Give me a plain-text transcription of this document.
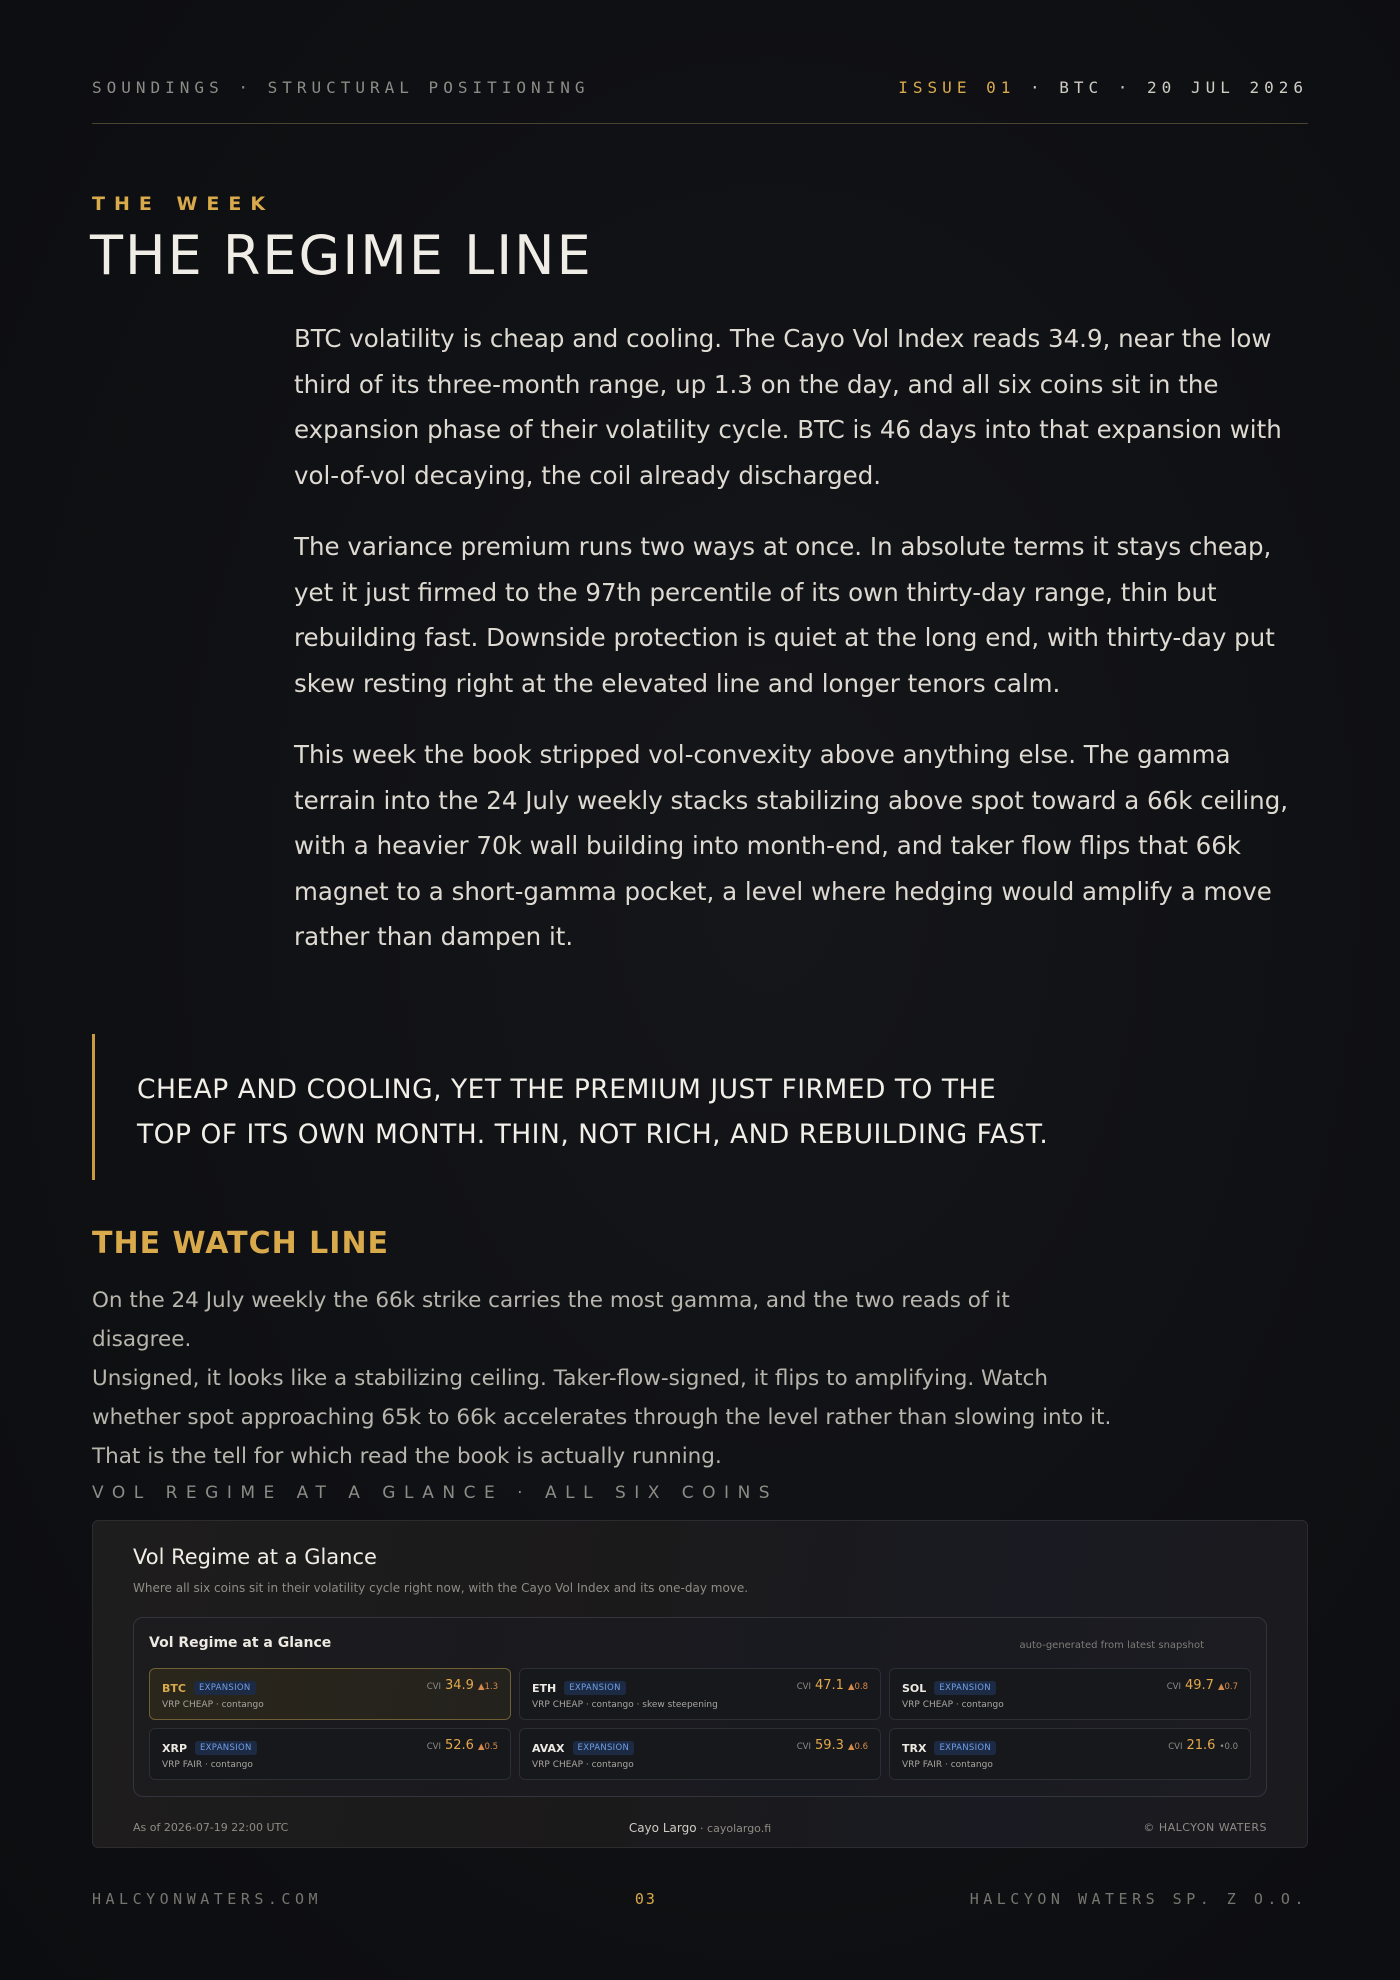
SOUNDINGS · STRUCTURAL POSITIONING	ISSUE 01 · BTC · 20 JUL 2026
THE WEEK
THE REGIME LINE

BTC volatility is cheap and cooling. The Cayo Vol Index reads 34.9, near the low third of its three-month range, up 1.3 on the day, and all six coins sit in the expansion phase of their volatility cycle. BTC is 46 days into that expansion with vol-of-vol decaying, the coil already discharged.

The variance premium runs two ways at once. In absolute terms it stays cheap, yet it just firmed to the 97th percentile of its own thirty-day range, thin but rebuilding fast. Downside protection is quiet at the long end, with thirty-day put skew resting right at the elevated line and longer tenors calm.

This week the book stripped vol-convexity above anything else. The gamma terrain into the 24 July weekly stacks stabilizing above spot toward a 66k ceiling, with a heavier 70k wall building into month-end, and taker flow flips that 66k magnet to a short-gamma pocket, a level where hedging would amplify a move rather than dampen it.

CHEAP AND COOLING, YET THE PREMIUM JUST FIRMED TO THE

TOP OF ITS OWN MONTH. THIN, NOT RICH, AND REBUILDING FAST.

THE WATCH LINE

On the 24 July weekly the 66k strike carries the most gamma, and the two reads of it disagree.

Unsigned, it looks like a stabilizing ceiling. Taker-flow-signed, it flips to amplifying. Watch

whether spot approaching 65k to 66k accelerates through the level rather than slowing into it.

That is the tell for which read the book is actually running.

VOL REGIME AT A GLANCE · ALL SIX COINS
Vol Regime at a Glance
Where all six coins sit in their volatility cycle right now, with the Cayo Vol Index and its one-day move.
Vol Regime at a Glance	auto-generated from latest snapshot
BTC	EXPANSION	CVI 34.9 ▲1.3
VRP CHEAP · contango
ETH	EXPANSION	CVI 47.1 ▲0.8
VRP CHEAP · contango · skew steepening
SOL	EXPANSION	CVI 49.7 ▲0.7
VRP CHEAP · contango
XRP	EXPANSION	CVI 52.6 ▲0.5
VRP FAIR · contango
AVAX	EXPANSION	CVI 59.3 ▲0.6
VRP CHEAP · contango
TRX	EXPANSION	CVI 21.6 •0.0
VRP FAIR · contango
As of 2026-07-19 22:00 UTC	Cayo Largo · cayolargo.fi	© HALCYON WATERS
HALCYONWATERS.COM	03	HALCYON WATERS SP. Z O.O.
